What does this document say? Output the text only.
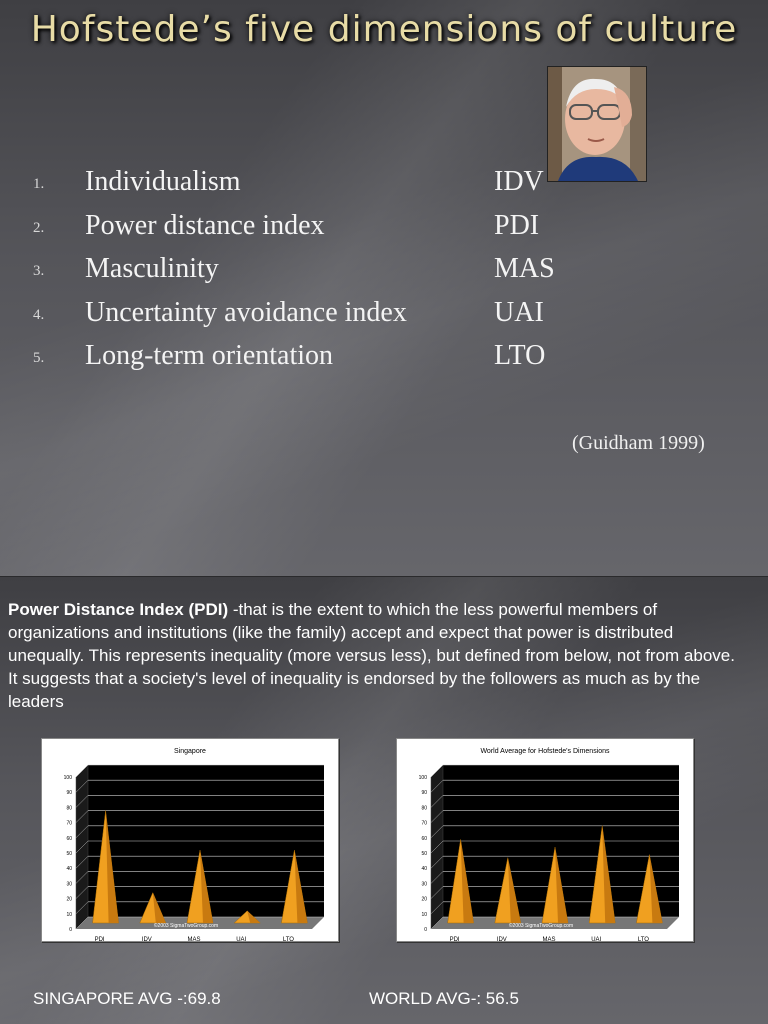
Hofstede’s five dimensions of culture
1. Individualism	IDV
2. Power distance index	PDI
3. Masculinity	MAS
4. Uncertainty avoidance index	UAI
5. Long-term orientation	LTO
(Guidham 1999)
Power Distance Index (PDI) -that is the extent to which the less powerful members of organizations and institutions (like the family) accept and expect that power is distributed unequally. This represents inequality (more versus less), but defined from below, not from above. It suggests that a society's level of inequality is endorsed by the followers as much as by the leaders
Singapore
0
10
20
30
40
50
60
70
80
90
100
PDI	IDV	MAS	UAI	LTO
©2003 SigmaTwoGroup.com
World Average for Hofstede's Dimensions
0
10
20
30
40
50
60
70
80
90
100
PDI	IDV	MAS	UAI	LTO
©2003 SigmaTwoGroup.com
SINGAPORE AVG -:69.8	WORLD AVG-: 56.5
